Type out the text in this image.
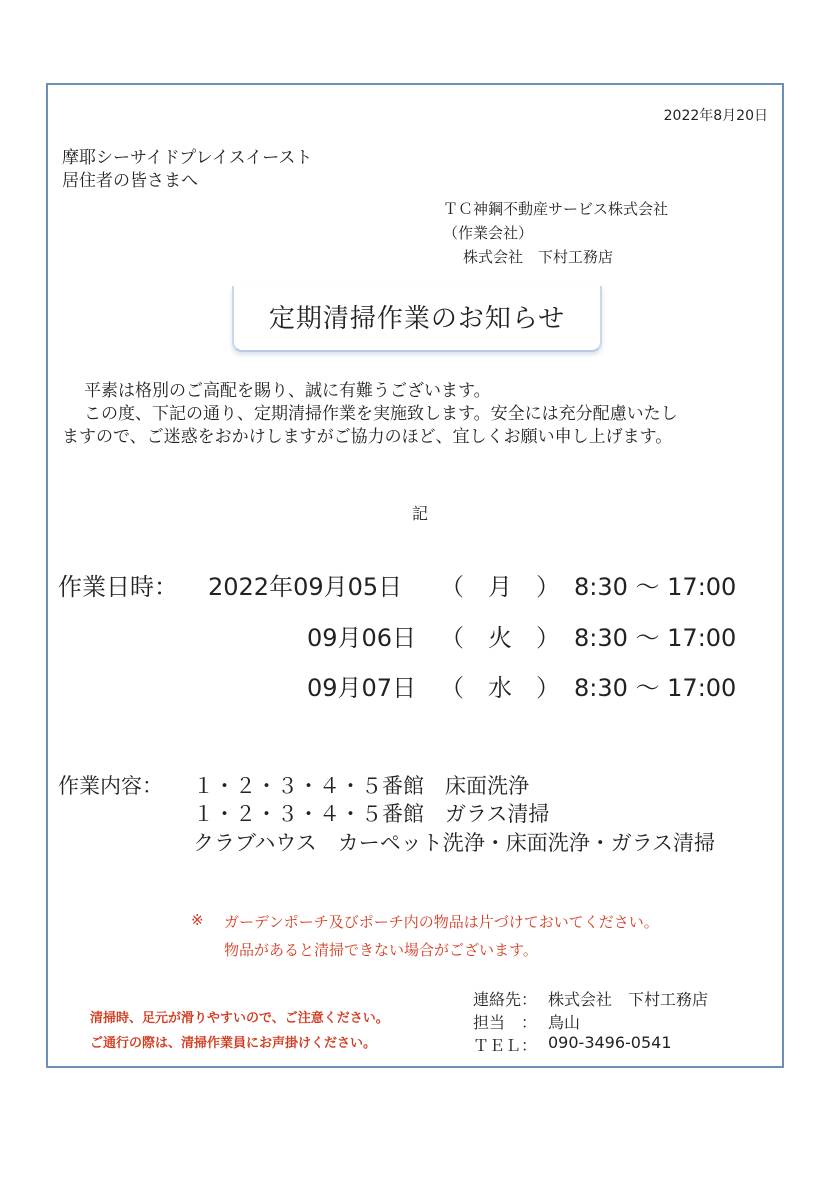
2022年8月20日
摩耶シーサイドプレイスイースト
居住者の皆さまへ
ＴＣ神鋼不動産サービス株式会社
（作業会社）
株式会社　下村工務店
定期清掃作業のお知らせ
平素は格別のご高配を賜り、誠に有難うございます。
この度、下記の通り、定期清掃作業を実施致します。安全には充分配慮いたし
ますので、ご迷惑をおかけしますがご協力のほど、宜しくお願い申し上げます。
記
作業日時： 2022年09月05日 （　月　） 8:30 ～ 17:00
09月06日 （　火　） 8:30 ～ 17:00
09月07日 （　水　） 8:30 ～ 17:00
作業内容： １・２・３・４・５番館　床面洗浄
１・２・３・４・５番館　ガラス清掃
クラブハウス　カーペット洗浄・床面洗浄・ガラス清掃
※ ガーデンポーチ及びポーチ内の物品は片づけておいてください。
物品があると清掃できない場合がございます。
清掃時、足元が滑りやすいので、ご注意ください。
ご通行の際は、清掃作業員にお声掛けください。
連絡先： 株式会社　下村工務店
担当　： 鳥山
ＴＥＬ： 090-3496-0541
